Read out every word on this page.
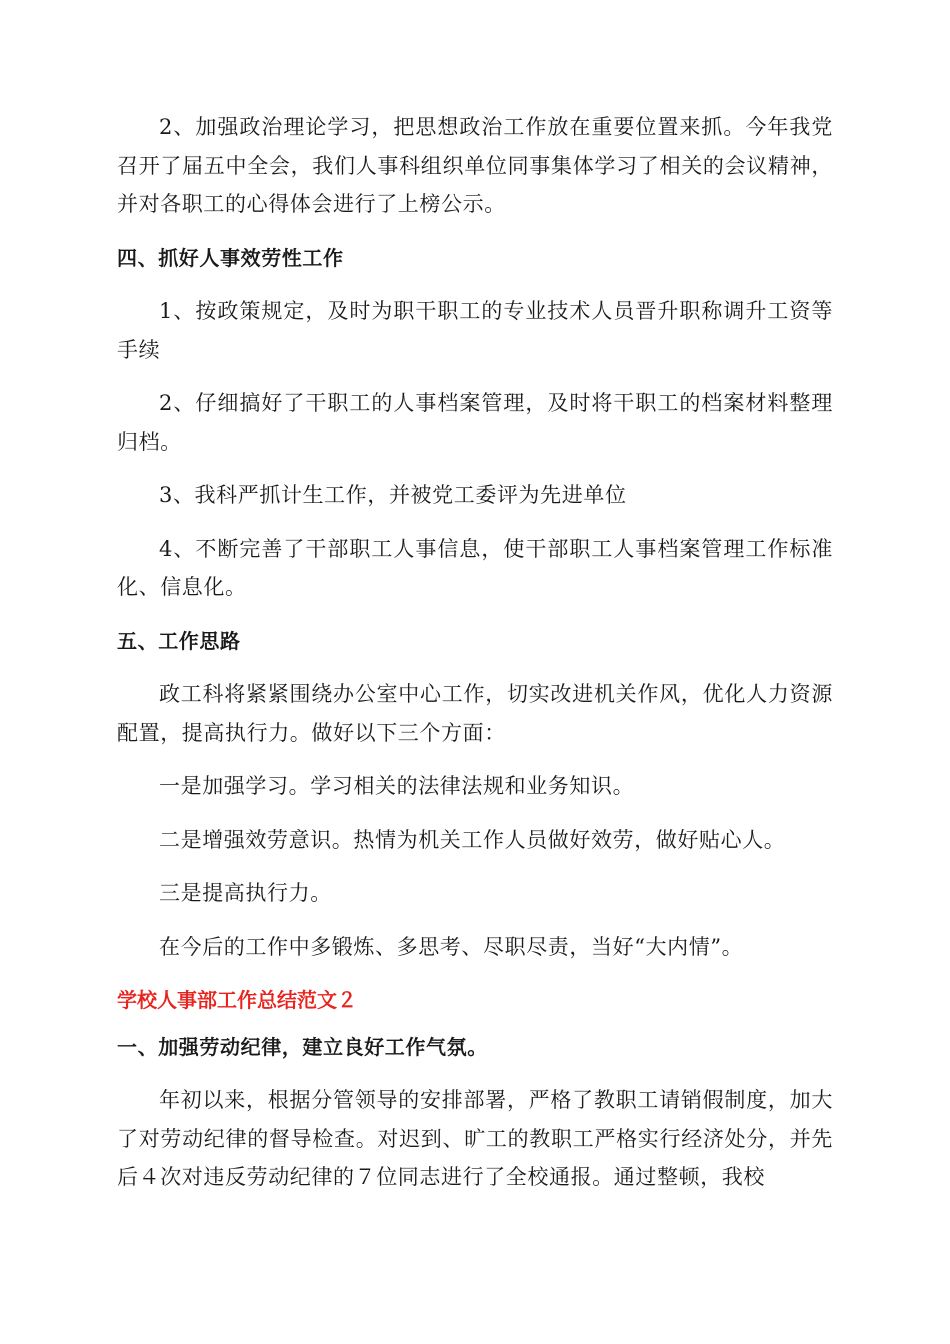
2、加强政治理论学习，把思想政治工作放在重要位置来抓。今年我党召开了届五中全会，我们人事科组织单位同事集体学习了相关的会议精神，并对各职工的心得体会进行了上榜公示。

四、抓好人事效劳性工作

1、按政策规定，及时为职干职工的专业技术人员晋升职称调升工资等手续

2、仔细搞好了干职工的人事档案管理，及时将干职工的档案材料整理归档。

3、我科严抓计生工作，并被党工委评为先进单位

4、不断完善了干部职工人事信息，使干部职工人事档案管理工作标准化、信息化。

五、工作思路

政工科将紧紧围绕办公室中心工作，切实改进机关作风，优化人力资源配置，提高执行力。做好以下三个方面：

一是加强学习。学习相关的法律法规和业务知识。

二是增强效劳意识。热情为机关工作人员做好效劳，做好贴心人。

三是提高执行力。

在今后的工作中多锻炼、多思考、尽职尽责，当好“大内情”。

学校人事部工作总结范文２
一、加强劳动纪律，建立良好工作气氛。

年初以来，根据分管领导的安排部署，严格了教职工请销假制度，加大了对劳动纪律的督导检查。对迟到、旷工的教职工严格实行经济处分，并先后４次对违反劳动纪律的７位同志进行了全校通报。通过整顿，我校
